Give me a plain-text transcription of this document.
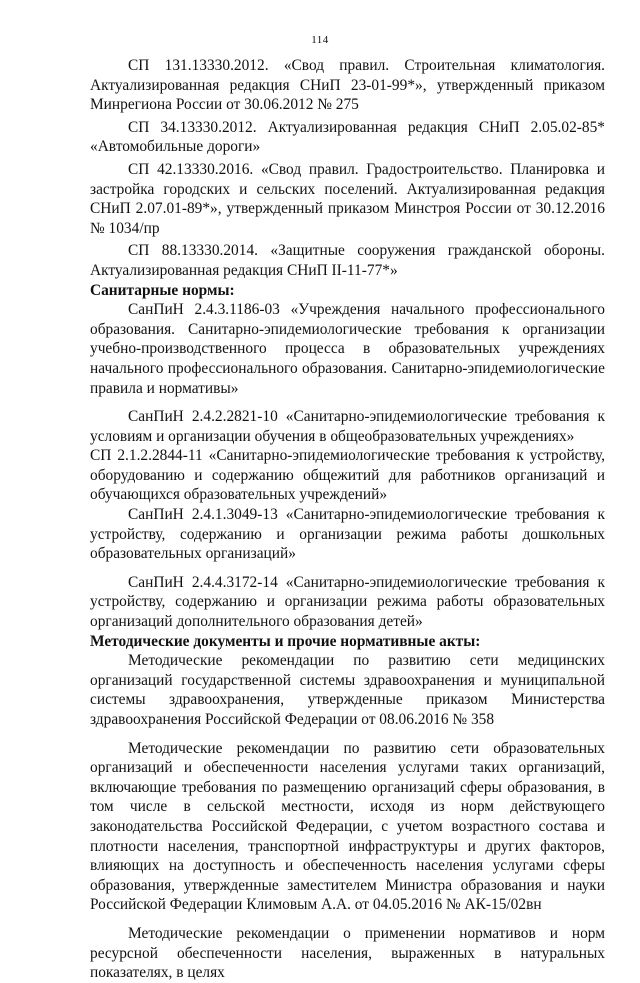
114

СП 131.13330.2012. «Свод правил. Строительная климатология. Актуализированная редакция СНиП 23-01-99*», утвержденный приказом Минрегиона России от 30.06.2012 № 275

СП 34.13330.2012. Актуализированная редакция СНиП 2.05.02-85* «Автомобильные дороги»

СП 42.13330.2016. «Свод правил. Градостроительство. Планировка и застройка городских и сельских поселений. Актуализированная редакция СНиП 2.07.01-89*», утвержденный приказом Минстроя России от 30.12.2016 № 1034/пр

СП 88.13330.2014. «Защитные сооружения гражданской обороны. Актуализированная редакция СНиП II-11-77*»

Санитарные нормы:

СанПиН 2.4.3.1186-03 «Учреждения начального профессионального образования. Санитарно-эпидемиологические требования к организации учебно-производственного процесса в образовательных учреждениях начального профессионального образования. Санитарно-эпидемиологические правила и нормативы»

СанПиН 2.4.2.2821-10 «Санитарно-эпидемиологические требования к условиям и организации обучения в общеобразовательных учреждениях»

СП 2.1.2.2844-11 «Санитарно-эпидемиологические требования к устройству, оборудованию и содержанию общежитий для работников организаций и обучающихся образовательных учреждений»

СанПиН 2.4.1.3049-13 «Санитарно-эпидемиологические требования к устройству, содержанию и организации режима работы дошкольных образовательных организаций»

СанПиН 2.4.4.3172-14 «Санитарно-эпидемиологические требования к устройству, содержанию и организации режима работы образовательных организаций дополнительного образования детей»

Методические документы и прочие нормативные акты:

Методические рекомендации по развитию сети медицинских организаций государственной системы здравоохранения и муниципальной системы здравоохранения, утвержденные приказом Министерства здравоохранения Российской Федерации от 08.06.2016 № 358

Методические рекомендации по развитию сети образовательных организаций и обеспеченности населения услугами таких организаций, включающие требования по размещению организаций сферы образования, в том числе в сельской местности, исходя из норм действующего законодательства Российской Федерации, с учетом возрастного состава и плотности населения, транспортной инфраструктуры и других факторов, влияющих на доступность и обеспеченность населения услугами сферы образования, утвержденные заместителем Министра образования и науки Российской Федерации Климовым А.А. от 04.05.2016 № АК-15/02вн

Методические рекомендации о применении нормативов и норм ресурсной обеспеченности населения, выраженных в натуральных показателях, в целях
